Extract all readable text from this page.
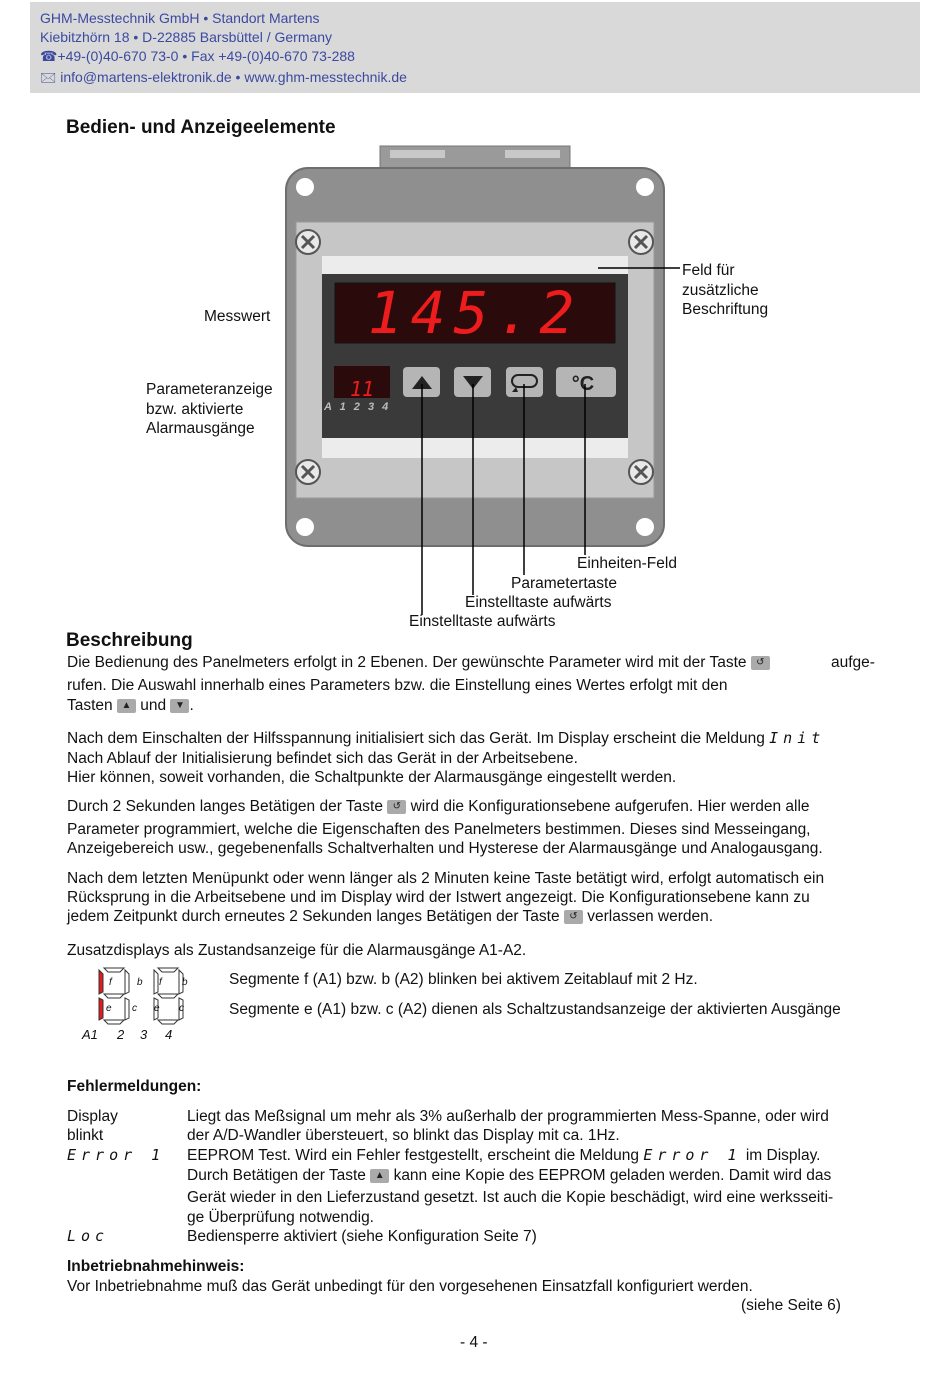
GHM-Messtechnik GmbH • Standort Martens
Kiebitzhörn 18 • D-22885 Barsbüttel / Germany
☎+49-(0)40-670 73-0 • Fax +49-(0)40-670 73-288
🖂 info@martens-elektronik.de • www.ghm-messtechnik.de
Bedien- und Anzeigeelemente
145.2
11
A 1 2 3 4
°C
Messwert
Feld für
zusätzliche
Beschriftung
Parameteranzeige
bzw. aktivierte
Alarmausgänge
Einheiten-Feld
Parametertaste
Einstelltaste aufwärts
Einstelltaste aufwärts
Beschreibung
Die Bedienung des Panelmeters erfolgt in 2 Ebenen. Der gewünschte Parameter wird mit der Taste ↺	aufge-
rufen. Die Auswahl innerhalb eines Parameters bzw. die Einstellung eines Wertes erfolgt mit den
Tasten ▲ und ▼ .
Nach dem Einschalten der Hilfsspannung initialisiert sich das Gerät. Im Display erscheint die Meldung Init
Nach Ablauf der Initialisierung befindet sich das Gerät in der Arbeitsebene.
Hier können, soweit vorhanden, die Schaltpunkte der Alarmausgänge eingestellt werden.
Durch 2 Sekunden langes Betätigen der Taste ↺ wird die Konfigurationsebene aufgerufen. Hier werden alle
Parameter programmiert, welche die Eigenschaften des Panelmeters bestimmen. Dieses sind Messeingang,
Anzeigebereich usw., gegebenenfalls Schaltverhalten und Hysterese der Alarmausgänge und Analogausgang.
Nach dem letzten Menüpunkt oder wenn länger als 2 Minuten keine Taste betätigt wird, erfolgt automatisch ein
Rücksprung in die Arbeitsebene und im Display wird der Istwert angezeigt. Die Konfigurationsebene kann zu
jedem Zeitpunkt durch erneutes 2 Sekunden langes Betätigen der Taste ↺ verlassen werden.
Zusatzdisplays als Zustandsanzeige für die Alarmausgänge A1-A2.
f	b f b
e c e c
A1 2 3 4
Segmente f (A1) bzw. b (A2) blinken bei aktivem Zeitablauf mit 2 Hz.
Segmente e (A1) bzw. c (A2) dienen als Schaltzustandsanzeige der aktivierten Ausgänge
Fehlermeldungen:
Display
blinkt
Liegt das Meßsignal um mehr als 3% außerhalb der programmierten Mess-Spanne, oder wird
der A/D-Wandler übersteuert, so blinkt das Display mit ca. 1Hz.
Error 1 EEPROM Test. Wird ein Fehler festgestellt, erscheint die Meldung Error 1 im Display.
Durch Betätigen der Taste ▲ kann eine Kopie des EEPROM geladen werden. Damit wird das
Gerät wieder in den Lieferzustand gesetzt. Ist auch die Kopie beschädigt, wird eine werksseiti-
ge Überprüfung notwendig.
Loc	Bediensperre aktiviert (siehe Konfiguration Seite 7)
Inbetriebnahmehinweis:
Vor Inbetriebnahme muß das Gerät unbedingt für den vorgesehenen Einsatzfall konfiguriert werden.
(siehe Seite 6)
- 4 -
